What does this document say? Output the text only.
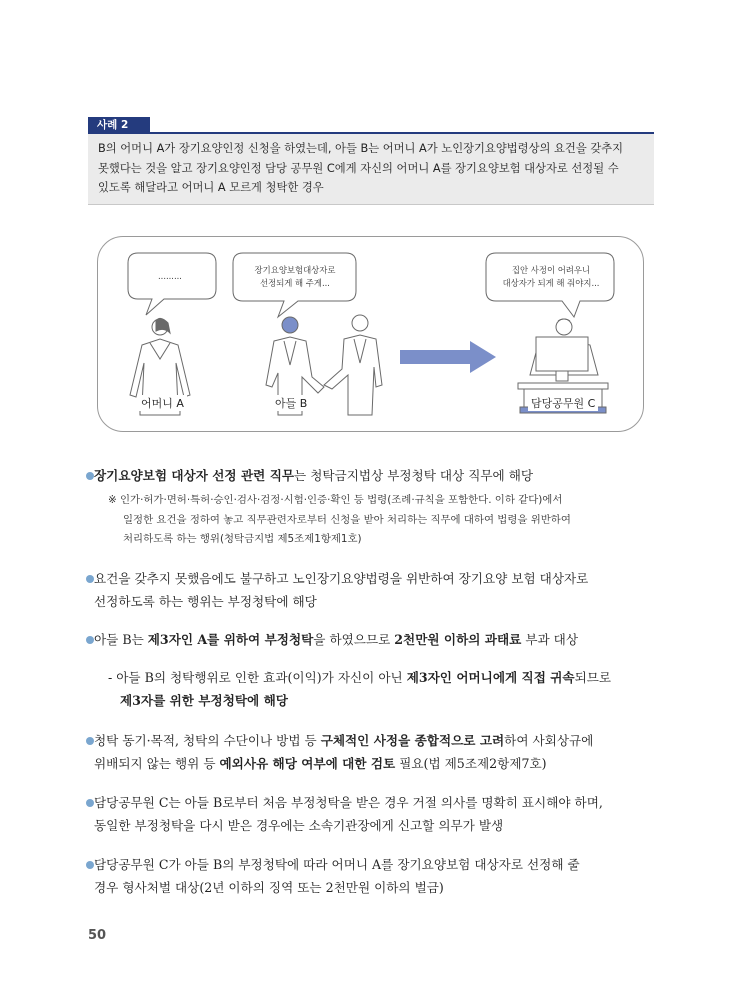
사례 2
B의 어머니 A가 장기요양인정 신청을 하였는데, 아들 B는 어머니 A가 노인장기요양법령상의 요건을 갖추지
못했다는 것을 알고 장기요양인정 담당 공무원 C에게 자신의 어머니 A를 장기요양보험 대상자로 선정될 수
있도록 해달라고 어머니 A 모르게 청탁한 경우
.........
장기요양보험대상자로
선정되게 해 주게...
집안 사정이 어려우니
대상자가 되게 해 줘야지...
어머니 A	아들 B	담당공무원 C
장기요양보험 대상자 선정 관련 직무는 청탁금지법상 부정청탁 대상 직무에 해당
※ 인가·허가·면허·특허·승인·검사·검정·시험·인증·확인 등 법령(조례·규칙을 포함한다. 이하 같다)에서
일정한 요건을 정하여 놓고 직무관련자로부터 신청을 받아 처리하는 직무에 대하여 법령을 위반하여
처리하도록 하는 행위(청탁금지법 제5조제1항제1호)
요건을 갖추지 못했음에도 불구하고 노인장기요양법령을 위반하여 장기요양 보험 대상자로
선정하도록 하는 행위는 부정청탁에 해당
아들 B는 제3자인 A를 위하여 부정청탁을 하였으므로 2천만원 이하의 과태료 부과 대상
- 아들 B의 청탁행위로 인한 효과(이익)가 자신이 아닌 제3자인 어머니에게 직접 귀속되므로
제3자를 위한 부정청탁에 해당
청탁 동기·목적, 청탁의 수단이나 방법 등 구체적인 사정을 종합적으로 고려하여 사회상규에
위배되지 않는 행위 등 예외사유 해당 여부에 대한 검토 필요(법 제5조제2항제7호)
담당공무원 C는 아들 B로부터 처음 부정청탁을 받은 경우 거절 의사를 명확히 표시해야 하며,
동일한 부정청탁을 다시 받은 경우에는 소속기관장에게 신고할 의무가 발생
담당공무원 C가 아들 B의 부정청탁에 따라 어머니 A를 장기요양보험 대상자로 선정해 줄
경우 형사처벌 대상(2년 이하의 징역 또는 2천만원 이하의 벌금)
50
